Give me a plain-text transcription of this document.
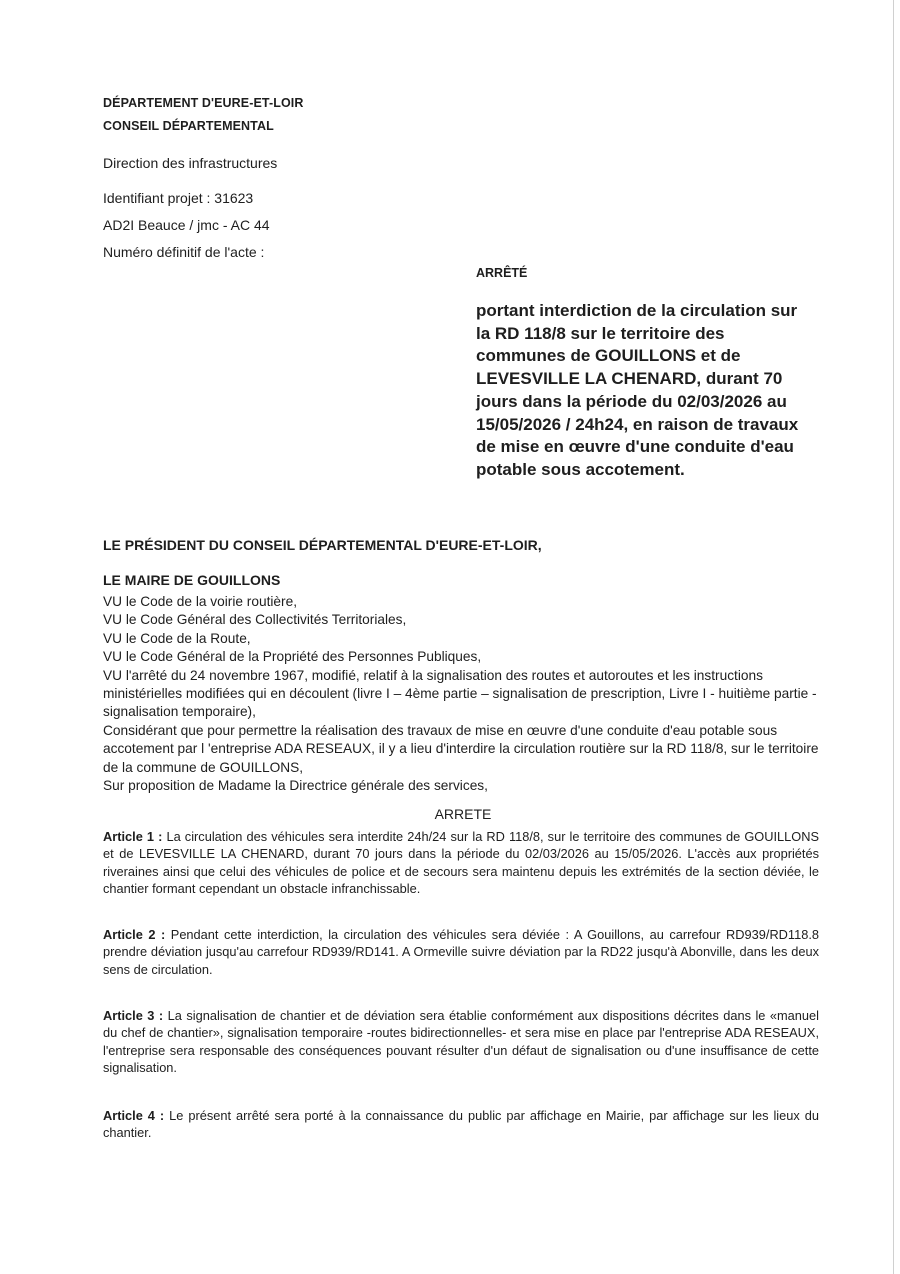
DÉPARTEMENT D'EURE-ET-LOIR
CONSEIL DÉPARTEMENTAL
Direction des infrastructures
Identifiant projet : 31623
AD2I Beauce / jmc - AC 44
Numéro définitif de l'acte :
ARRÊTÉ
portant interdiction de la circulation sur la RD 118/8 sur le territoire des communes de GOUILLONS et de LEVESVILLE LA CHENARD, durant 70 jours dans la période du 02/03/2026 au 15/05/2026 / 24h24, en raison de travaux de mise en œuvre d'une conduite d'eau potable sous accotement.
LE PRÉSIDENT DU CONSEIL DÉPARTEMENTAL D'EURE-ET-LOIR,
LE MAIRE DE GOUILLONS

VU le Code de la voirie routière,

VU le Code Général des Collectivités Territoriales,

VU le Code de la Route,

VU le Code Général de la Propriété des Personnes Publiques,

VU l'arrêté du 24 novembre 1967, modifié, relatif à la signalisation des routes et autoroutes et les instructions ministérielles modifiées qui en découlent (livre I – 4ème partie – signalisation de prescription, Livre I - huitième partie - signalisation temporaire),

Considérant que pour permettre la réalisation des travaux de mise en œuvre d'une conduite d'eau potable sous accotement par l 'entreprise ADA RESEAUX, il y a lieu d'interdire la circulation routière sur la RD 118/8, sur le territoire de la commune de GOUILLONS,

Sur proposition de Madame la Directrice générale des services,

ARRETE
Article 1 : La circulation des véhicules sera interdite 24h/24 sur la RD 118/8, sur le territoire des communes de GOUILLONS et de LEVESVILLE LA CHENARD, durant 70 jours dans la période du 02/03/2026 au 15/05/2026. L'accès aux propriétés riveraines ainsi que celui des véhicules de police et de secours sera maintenu depuis les extrémités de la section déviée, le chantier formant cependant un obstacle infranchissable.
Article 2 : Pendant cette interdiction, la circulation des véhicules sera déviée : A Gouillons, au carrefour RD939/RD118.8 prendre déviation jusqu'au carrefour RD939/RD141. A Ormeville suivre déviation par la RD22 jusqu'à Abonville, dans les deux sens de circulation.
Article 3 : La signalisation de chantier et de déviation sera établie conformément aux dispositions décrites dans le «manuel du chef de chantier», signalisation temporaire -routes bidirectionnelles- et sera mise en place par l'entreprise ADA RESEAUX, l'entreprise sera responsable des conséquences pouvant résulter d'un défaut de signalisation ou d'une insuffisance de cette signalisation.
Article 4 : Le présent arrêté sera porté à la connaissance du public par affichage en Mairie, par affichage sur les lieux du chantier.
